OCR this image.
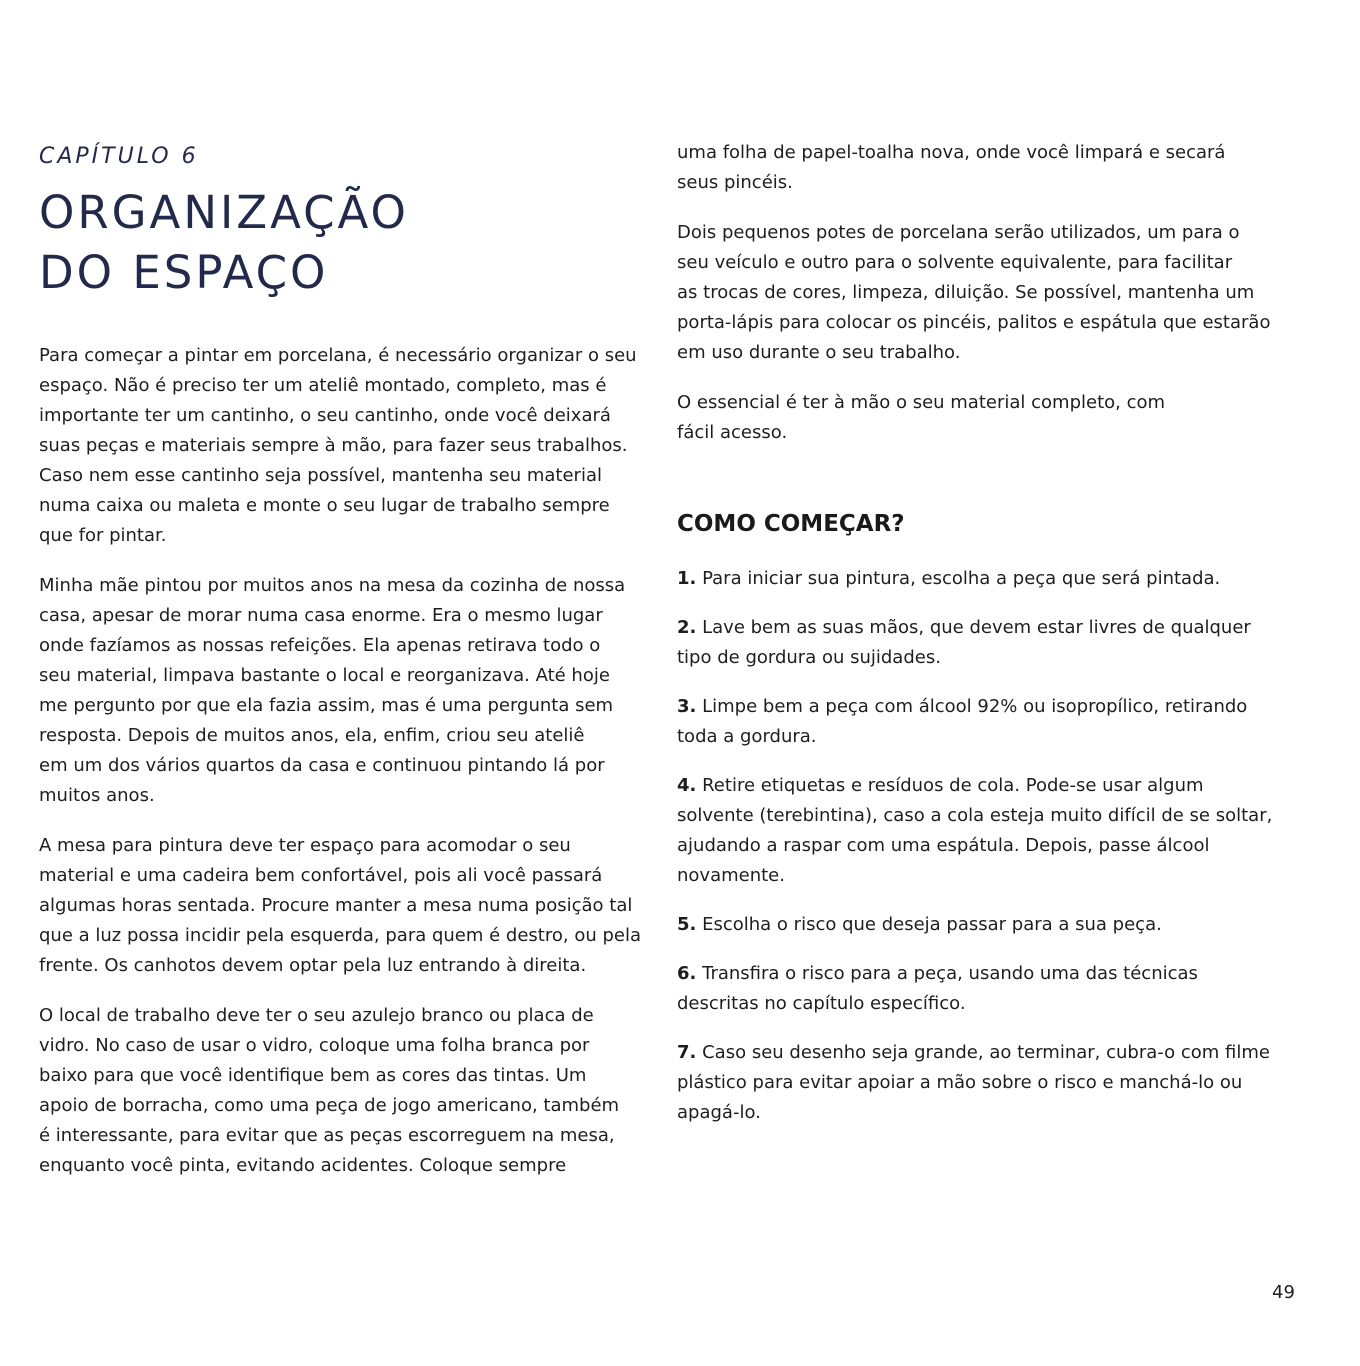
CAPÍTULO 6
ORGANIZAÇÃO
DO ESPAÇO

Para começar a pintar em porcelana, é necessário organizar o seu
espaço. Não é preciso ter um ateliê montado, completo, mas é
importante ter um cantinho, o seu cantinho, onde você deixará
suas peças e materiais sempre à mão, para fazer seus trabalhos.
Caso nem esse cantinho seja possível, mantenha seu material
numa caixa ou maleta e monte o seu lugar de trabalho sempre
que for pintar.

Minha mãe pintou por muitos anos na mesa da cozinha de nossa
casa, apesar de morar numa casa enorme. Era o mesmo lugar
onde fazíamos as nossas refeições. Ela apenas retirava todo o
seu material, limpava bastante o local e reorganizava. Até hoje
me pergunto por que ela fazia assim, mas é uma pergunta sem
resposta. Depois de muitos anos, ela, enfim, criou seu ateliê
em um dos vários quartos da casa e continuou pintando lá por
muitos anos.

A mesa para pintura deve ter espaço para acomodar o seu
material e uma cadeira bem confortável, pois ali você passará
algumas horas sentada. Procure manter a mesa numa posição tal
que a luz possa incidir pela esquerda, para quem é destro, ou pela
frente. Os canhotos devem optar pela luz entrando à direita.

O local de trabalho deve ter o seu azulejo branco ou placa de
vidro. No caso de usar o vidro, coloque uma folha branca por
baixo para que você identifique bem as cores das tintas. Um
apoio de borracha, como uma peça de jogo americano, também
é interessante, para evitar que as peças escorreguem na mesa,
enquanto você pinta, evitando acidentes. Coloque sempre

uma folha de papel-toalha nova, onde você limpará e secará
seus pincéis.

Dois pequenos potes de porcelana serão utilizados, um para o
seu veículo e outro para o solvente equivalente, para facilitar
as trocas de cores, limpeza, diluição. Se possível, mantenha um
porta-lápis para colocar os pincéis, palitos e espátula que estarão
em uso durante o seu trabalho.

O essencial é ter à mão o seu material completo, com
fácil acesso.

COMO COMEÇAR?
1. Para iniciar sua pintura, escolha a peça que será pintada.
2. Lave bem as suas mãos, que devem estar livres de qualquer
tipo de gordura ou sujidades.
3. Limpe bem a peça com álcool 92% ou isopropílico, retirando
toda a gordura.
4. Retire etiquetas e resíduos de cola. Pode-se usar algum
solvente (terebintina), caso a cola esteja muito difícil de se soltar,
ajudando a raspar com uma espátula. Depois, passe álcool
novamente.
5. Escolha o risco que deseja passar para a sua peça.
6. Transfira o risco para a peça, usando uma das técnicas
descritas no capítulo específico.
7. Caso seu desenho seja grande, ao terminar, cubra-o com filme
plástico para evitar apoiar a mão sobre o risco e manchá-lo ou
apagá-lo.
49
